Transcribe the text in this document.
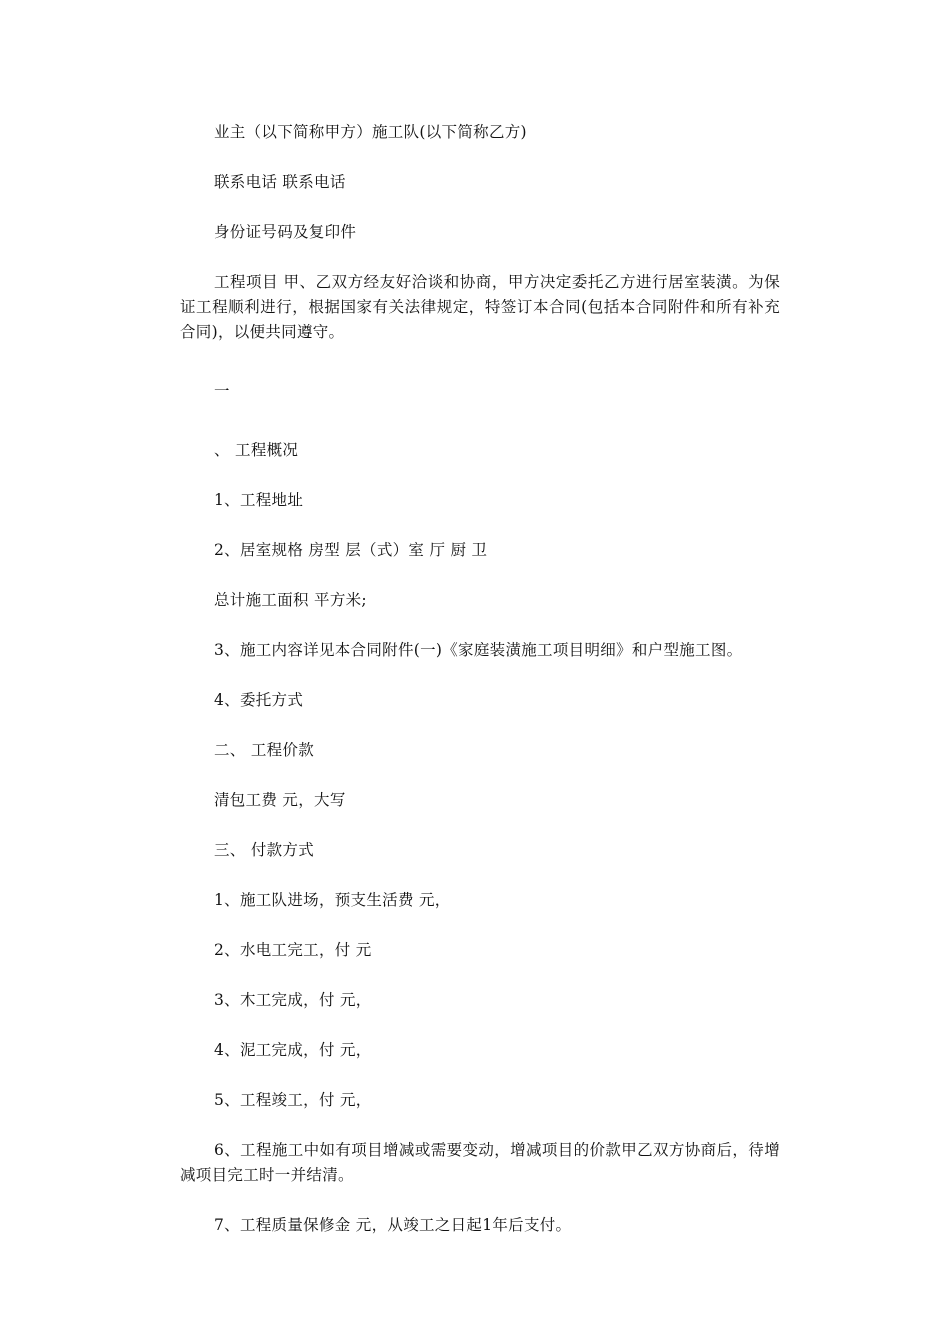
业主（以下简称甲方）施工队(以下简称乙方)

联系电话 联系电话

身份证号码及复印件

工程项目 甲、乙双方经友好洽谈和协商，甲方决定委托乙方进行居室装潢。为保证工程顺利进行，根据国家有关法律规定，特签订本合同(包括本合同附件和所有补充合同)，以便共同遵守。

一

、 工程概况

1、工程地址

2、居室规格 房型 层（式）室 厅 厨 卫

总计施工面积 平方米;

3、施工内容详见本合同附件(一)《家庭装潢施工项目明细》和户型施工图。

4、委托方式

二、 工程价款

清包工费 元，大写

三、 付款方式

1、施工队进场，预支生活费 元，

2、水电工完工，付 元

3、木工完成，付 元，

4、泥工完成，付 元，

5、工程竣工，付 元，

6、工程施工中如有项目增减或需要变动，增减项目的价款甲乙双方协商后，待增减项目完工时一并结清。

7、工程质量保修金 元，从竣工之日起1年后支付。
